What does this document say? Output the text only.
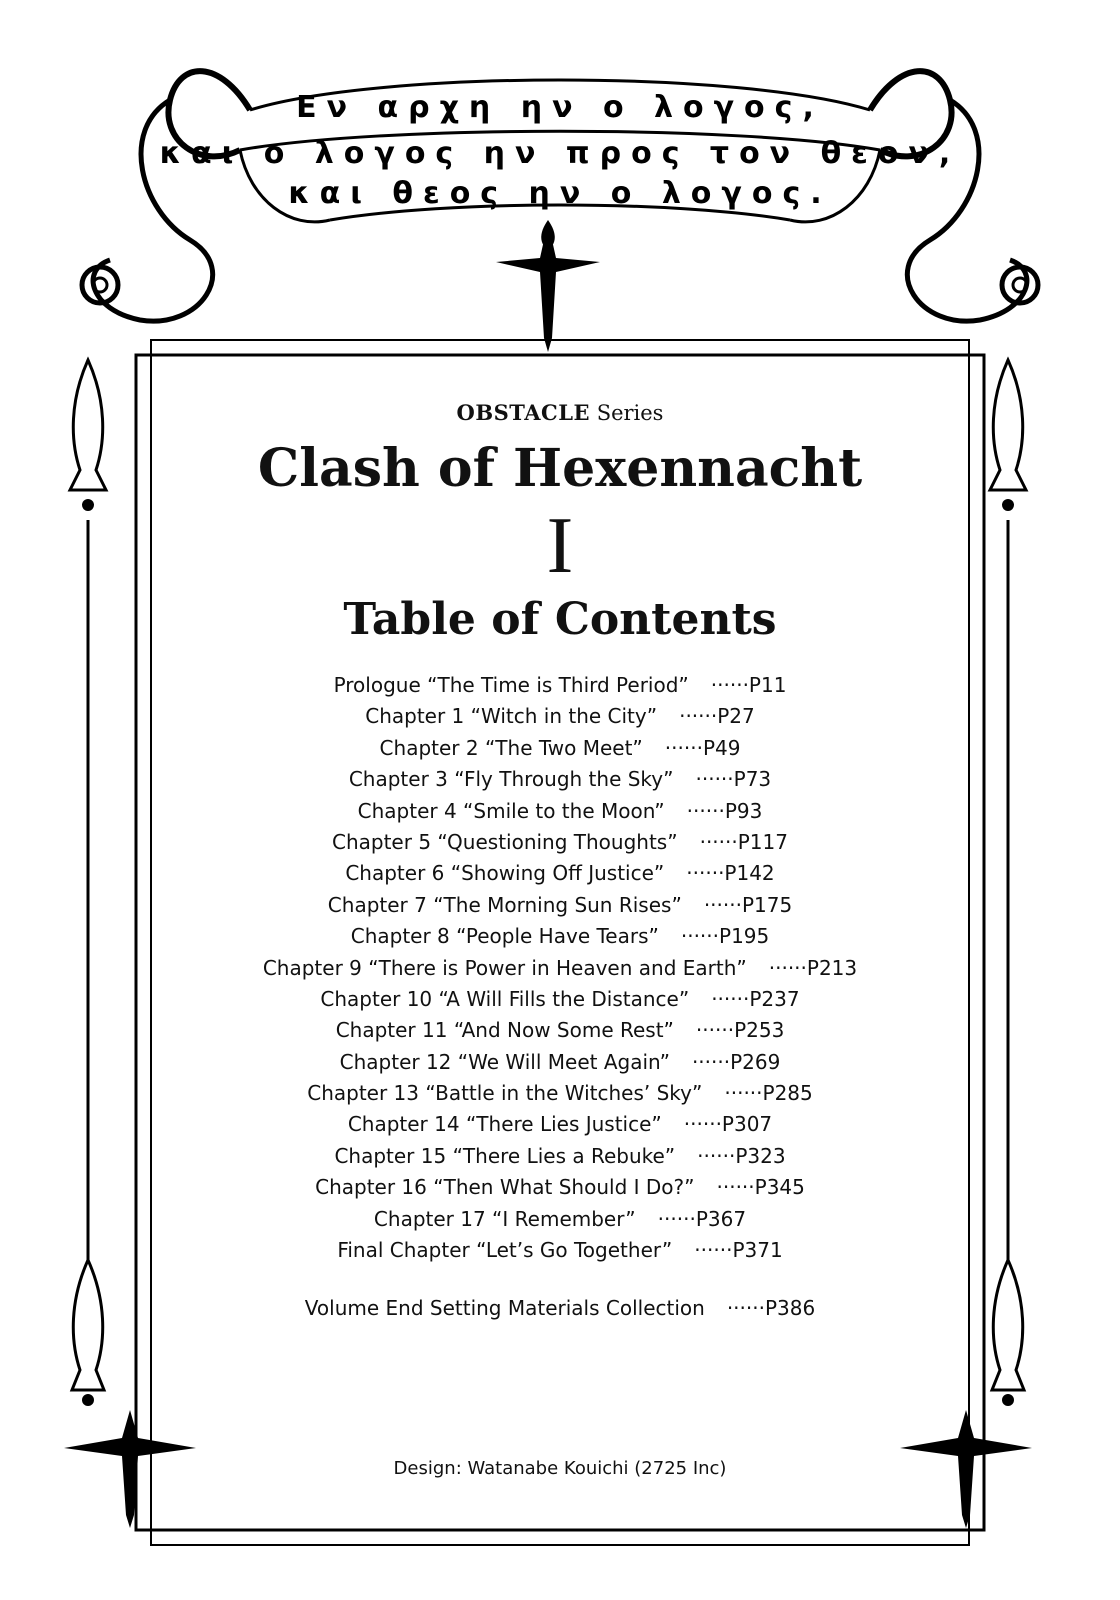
Εν αρχη ην ο λογος,
και ο λογος ην προς τον θεον,
και θεος ην ο λογος.
OBSTACLE Series
Clash of Hexennacht
I
Table of Contents
Prologue “The Time is Third Period” ······P11
Chapter 1 “Witch in the City” ······P27
Chapter 2 “The Two Meet” ······P49
Chapter 3 “Fly Through the Sky” ······P73
Chapter 4 “Smile to the Moon” ······P93
Chapter 5 “Questioning Thoughts” ······P117
Chapter 6 “Showing Off Justice” ······P142
Chapter 7 “The Morning Sun Rises” ······P175
Chapter 8 “People Have Tears” ······P195
Chapter 9 “There is Power in Heaven and Earth” ······P213
Chapter 10 “A Will Fills the Distance” ······P237
Chapter 11 “And Now Some Rest” ······P253
Chapter 12 “We Will Meet Again” ······P269
Chapter 13 “Battle in the Witches’ Sky” ······P285
Chapter 14 “There Lies Justice” ······P307
Chapter 15 “There Lies a Rebuke” ······P323
Chapter 16 “Then What Should I Do?” ······P345
Chapter 17 “I Remember” ······P367
Final Chapter “Let’s Go Together” ······P371
Volume End Setting Materials Collection ······P386
Design: Watanabe Kouichi (2725 Inc)
